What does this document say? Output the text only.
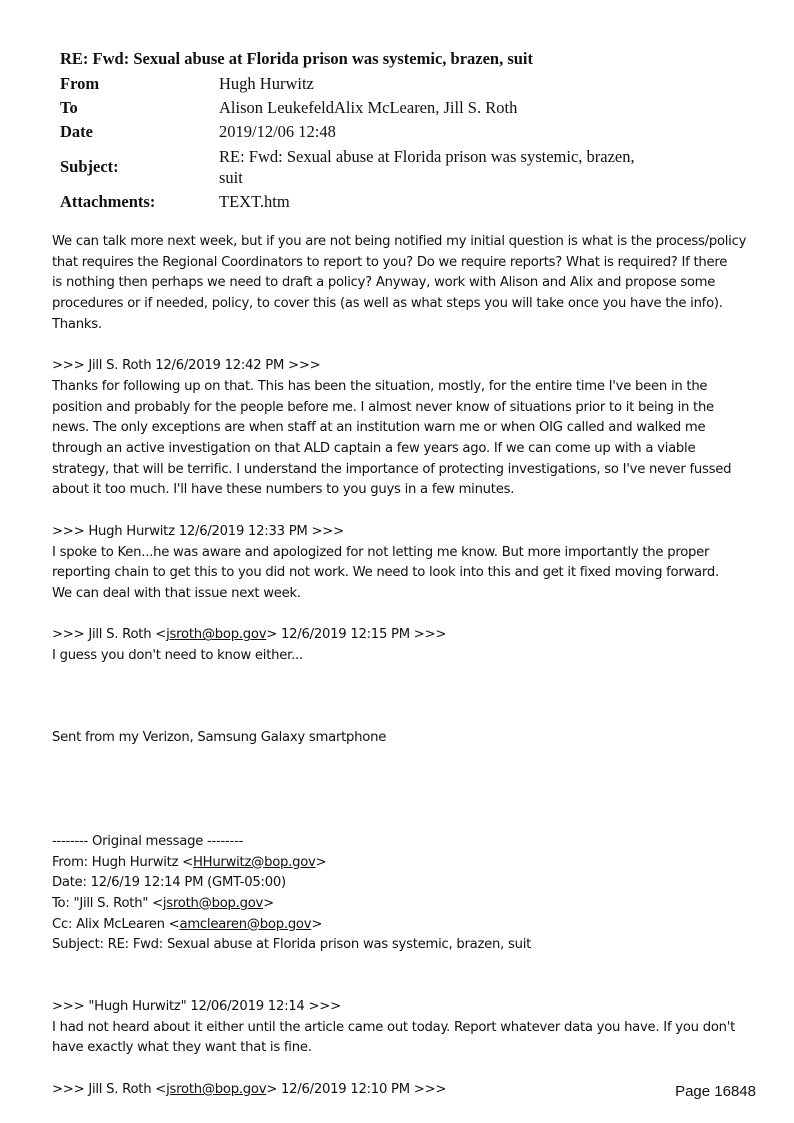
RE: Fwd: Sexual abuse at Florida prison was systemic, brazen, suit
From	Hugh Hurwitz
To	Alison LeukefeldAlix McLearen, Jill S. Roth
Date	2019/12/06 12:48
Subject:	RE: Fwd: Sexual abuse at Florida prison was systemic, brazen,
suit

Attachments:	TEXT.htm

We can talk more next week, but if you are not being notified my initial question is what is the process/policy

that requires the Regional Coordinators to report to you? Do we require reports? What is required? If there

is nothing then perhaps we need to draft a policy? Anyway, work with Alison and Alix and propose some

procedures or if needed, policy, to cover this (as well as what steps you will take once you have the info).

Thanks.

>>> Jill S. Roth 12/6/2019 12:42 PM >>>

Thanks for following up on that. This has been the situation, mostly, for the entire time I've been in the

position and probably for the people before me. I almost never know of situations prior to it being in the

news. The only exceptions are when staff at an institution warn me or when OIG called and walked me

through an active investigation on that ALD captain a few years ago. If we can come up with a viable

strategy, that will be terrific. I understand the importance of protecting investigations, so I've never fussed

about it too much. I'll have these numbers to you guys in a few minutes.

>>> Hugh Hurwitz 12/6/2019 12:33 PM >>>

I spoke to Ken...he was aware and apologized for not letting me know. But more importantly the proper

reporting chain to get this to you did not work. We need to look into this and get it fixed moving forward.

We can deal with that issue next week.

>>> Jill S. Roth <jsroth@bop.gov> 12/6/2019 12:15 PM >>>

I guess you don't need to know either...

Sent from my Verizon, Samsung Galaxy smartphone

-------- Original message --------

From: Hugh Hurwitz <HHurwitz@bop.gov>

Date: 12/6/19 12:14 PM (GMT-05:00)

To: "Jill S. Roth" <jsroth@bop.gov>

Cc: Alix McLearen <amclearen@bop.gov>

Subject: RE: Fwd: Sexual abuse at Florida prison was systemic, brazen, suit

>>> "Hugh Hurwitz" 12/06/2019 12:14 >>>

I had not heard about it either until the article came out today. Report whatever data you have. If you don't

have exactly what they want that is fine.

>>> Jill S. Roth <jsroth@bop.gov> 12/6/2019 12:10 PM >>>	Page 16848
